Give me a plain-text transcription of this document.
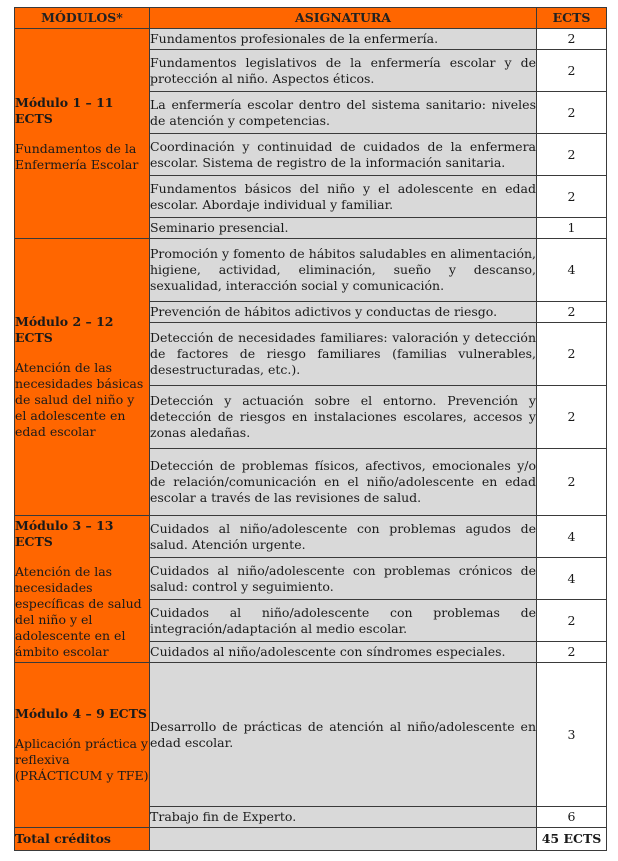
MÓDULOS*	ASIGNATURA	ECTS

Módulo 1 – 11 ECTS
Fundamentos de la Enfermería Escolar	Fundamentos profesionales de la enfermería.	2
	Fundamentos legislativos de la enfermería escolar y de protección al niño. Aspectos éticos.	2
	La enfermería escolar dentro del sistema sanitario: niveles de atención y competencias.	2
	Coordinación y continuidad de cuidados de la enfermera escolar. Sistema de registro de la información sanitaria.	2
	Fundamentos básicos del niño y el adolescente en edad escolar. Abordaje individual y familiar.	2
	Seminario presencial.	1

Módulo 2 – 12 ECTS
Atención de las necesidades básicas de salud del niño y el adolescente en edad escolar	Promoción y fomento de hábitos saludables en alimentación, higiene, actividad, eliminación, sueño y descanso, sexualidad, interacción social y comunicación.	4
	Prevención de hábitos adictivos y conductas de riesgo.	2
	Detección de necesidades familiares: valoración y detección de factores de riesgo familiares (familias vulnerables, desestructuradas, etc.).	2
	Detección y actuación sobre el entorno. Prevención y detección de riesgos en instalaciones escolares, accesos y zonas aledañas.	2
	Detección de problemas físicos, afectivos, emocionales y/o de relación/comunicación en el niño/adolescente en edad escolar a través de las revisiones de salud.	2

Módulo 3 – 13 ECTS
Atención de las necesidades específicas de salud del niño y el adolescente en el ámbito escolar	Cuidados al niño/adolescente con problemas agudos de salud. Atención urgente.	4
	Cuidados al niño/adolescente con problemas crónicos de salud: control y seguimiento.	4
	Cuidados al niño/adolescente con problemas de integración/adaptación al medio escolar.	2
	Cuidados al niño/adolescente con síndromes especiales.	2

Módulo 4 – 9 ECTS
Aplicación práctica y reflexiva (PRÁCTICUM y TFE)	Desarrollo de prácticas de atención al niño/adolescente en edad escolar.	3
	Trabajo fin de Experto.	6
Total créditos		45 ECTS
